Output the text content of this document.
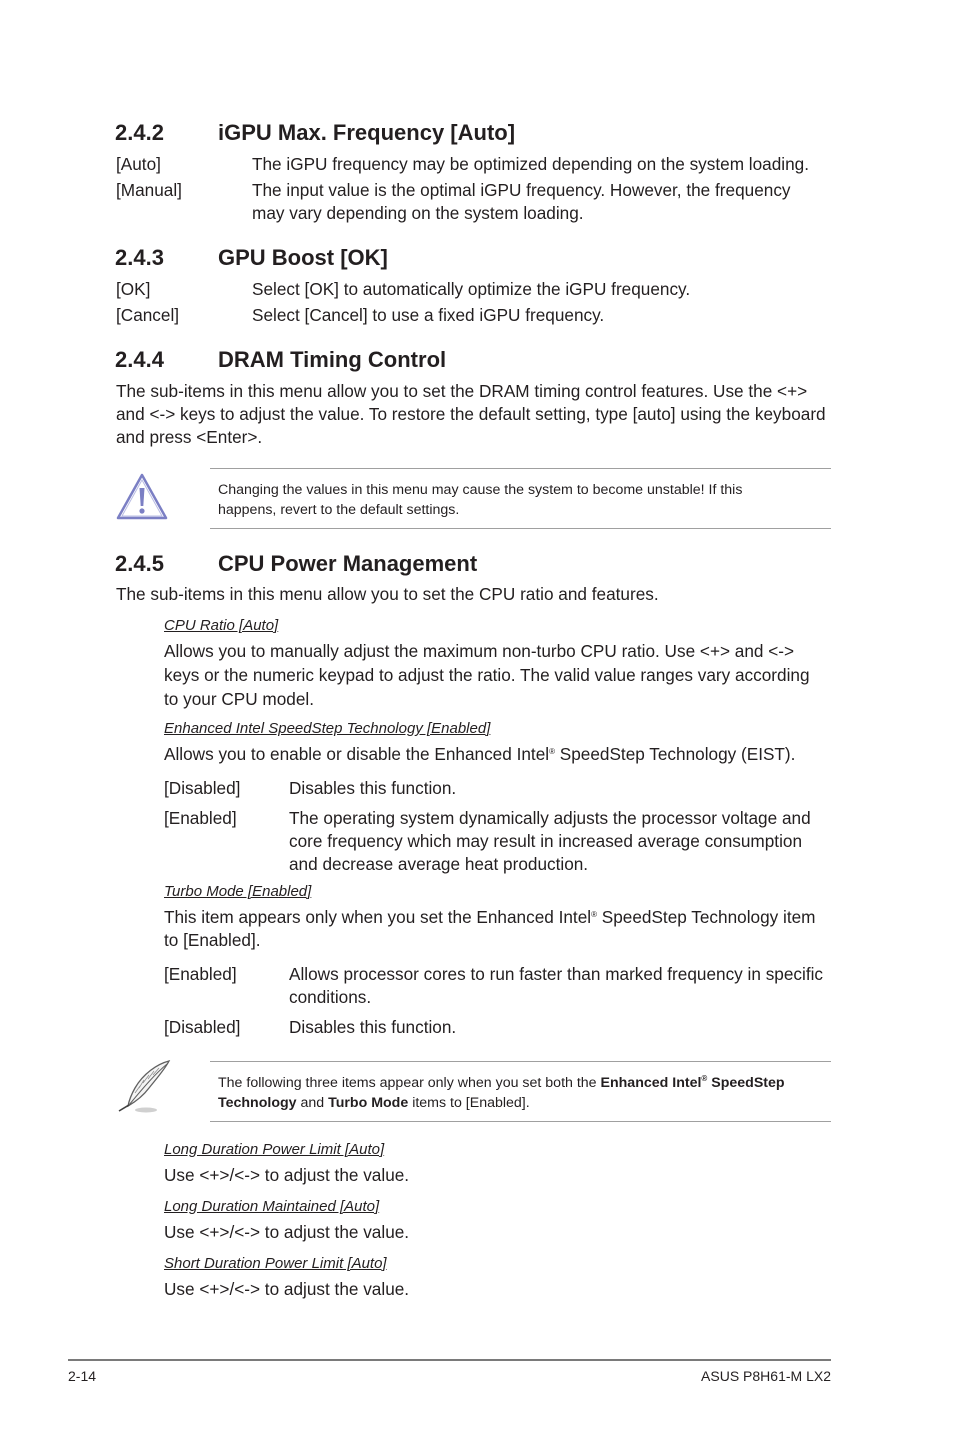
2.4.2 iGPU Max. Frequency [Auto]
[Auto]	The iGPU frequency may be optimized depending on the system loading.
[Manual]	The input value is the optimal iGPU frequency. However, the frequency
may vary depending on the system loading.
2.4.3 GPU Boost [OK]
[OK]	Select [OK] to automatically optimize the iGPU frequency.
[Cancel]	Select [Cancel] to use a fixed iGPU frequency.
2.4.4 DRAM Timing Control
The sub-items in this menu allow you to set the DRAM timing control features. Use the <+>
and <-> keys to adjust the value. To restore the default setting, type [auto] using the keyboard
and press <Enter>.
Changing the values in this menu may cause the system to become unstable! If this
happens, revert to the default settings.
2.4.5 CPU Power Management
The sub-items in this menu allow you to set the CPU ratio and features.
CPU Ratio [Auto]
Allows you to manually adjust the maximum non-turbo CPU ratio. Use <+> and <->
keys or the numeric keypad to adjust the ratio. The valid value ranges vary according
to your CPU model.
Enhanced Intel SpeedStep Technology [Enabled]
Allows you to enable or disable the Enhanced Intel® SpeedStep Technology (EIST).
[Disabled]	Disables this function.
[Enabled]	The operating system dynamically adjusts the processor voltage and
core frequency which may result in increased average consumption
and decrease average heat production.
Turbo Mode [Enabled]
This item appears only when you set the Enhanced Intel® SpeedStep Technology item
to [Enabled].
[Enabled]	Allows processor cores to run faster than marked frequency in specific
conditions.
[Disabled]	Disables this function.
The following three items appear only when you set both the Enhanced Intel® SpeedStep
Technology and Turbo Mode items to [Enabled].
Long Duration Power Limit [Auto]
Use <+>/<-> to adjust the value.
Long Duration Maintained [Auto]
Use <+>/<-> to adjust the value.
Short Duration Power Limit [Auto]
Use <+>/<-> to adjust the value.
2-14	ASUS P8H61-M LX2
